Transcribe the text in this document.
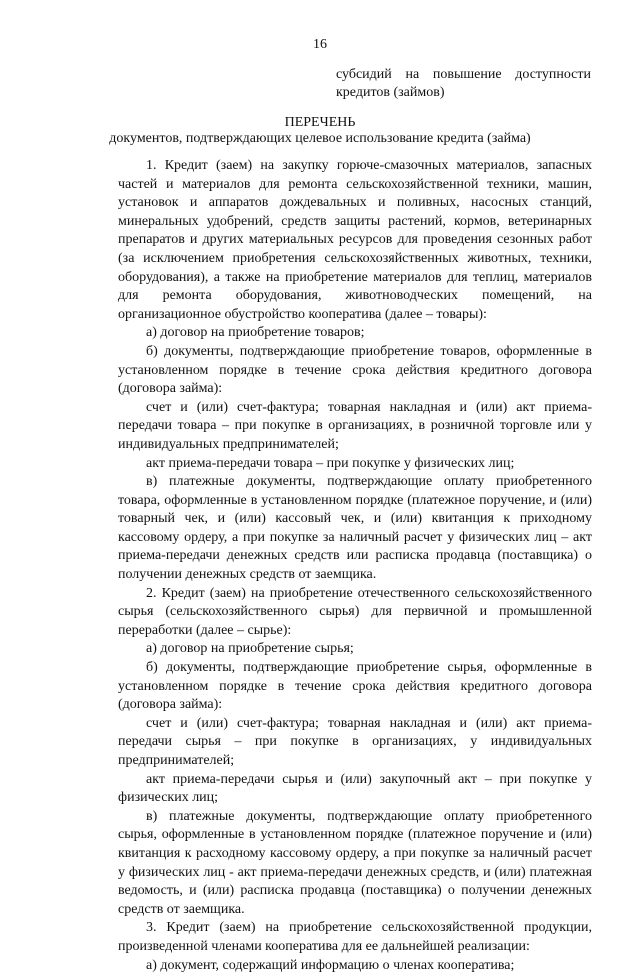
16
субсидий на повышение доступности
кредитов (займов)
ПЕРЕЧЕНЬ
документов, подтверждающих целевое использование кредита (займа)

1. Кредит (заем) на закупку горюче-смазочных материалов, запасных частей и материалов для ремонта сельскохозяйственной техники, машин, установок и аппаратов дождевальных и поливных, насосных станций, минеральных удобрений, средств защиты растений, кормов, ветеринарных препаратов и других материальных ресурсов для проведения сезонных работ (за исключением приобретения сельскохозяйственных животных, техники, оборудования), а также на приобретение материалов для теплиц, материалов для ремонта оборудования, животноводческих помещений, на организационное обустройство кооператива (далее – товары):

а) договор на приобретение товаров;

б) документы, подтверждающие приобретение товаров, оформленные в установленном порядке в течение срока действия кредитного договора (договора займа):

счет и (или) счет-фактура; товарная накладная и (или) акт приема-передачи товара – при покупке в организациях, в розничной торговле или у индивидуальных предпринимателей;

акт приема-передачи товара – при покупке у физических лиц;

в) платежные документы, подтверждающие оплату приобретенного товара, оформленные в установленном порядке (платежное поручение, и (или) товарный чек, и (или) кассовый чек, и (или) квитанция к приходному кассовому ордеру, а при покупке за наличный расчет у физических лиц – акт приема-передачи денежных средств или расписка продавца (поставщика) о получении денежных средств от заемщика.

2. Кредит (заем) на приобретение отечественного сельскохозяйственного сырья (сельскохозяйственного сырья) для первичной и промышленной переработки (далее – сырье):

а) договор на приобретение сырья;

б) документы, подтверждающие приобретение сырья, оформленные в установленном порядке в течение срока действия кредитного договора (договора займа):

счет и (или) счет-фактура; товарная накладная и (или) акт приема-передачи сырья – при покупке в организациях, у индивидуальных предпринимателей;

акт приема-передачи сырья и (или) закупочный акт – при покупке у физических лиц;

в) платежные документы, подтверждающие оплату приобретенного сырья, оформленные в установленном порядке (платежное поручение и (или) квитанция к расходному кассовому ордеру, а при покупке за наличный расчет у физических лиц - акт приема-передачи денежных средств, и (или) платежная ведомость, и (или) расписка продавца (поставщика) о получении денежных средств от заемщика.

3. Кредит (заем) на приобретение сельскохозяйственной продукции, произведенной членами кооператива для ее дальнейшей реализации:

а) документ, содержащий информацию о членах кооператива;
